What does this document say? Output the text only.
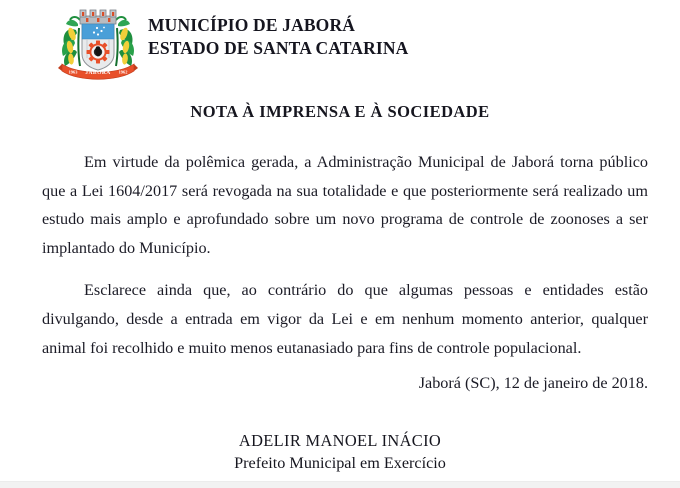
JABORÁ
1963	1962
MUNICÍPIO DE JABORÁ
ESTADO DE SANTA CATARINA
NOTA À IMPRENSA E À SOCIEDADE

Em virtude da polêmica gerada, a Administração Municipal de Jaborá torna público que a Lei 1604/2017 será revogada na sua totalidade e que posteriormente será realizado um estudo mais amplo e aprofundado sobre um novo programa de controle de zoonoses a ser implantado do Município.

Esclarece ainda que, ao contrário do que algumas pessoas e entidades estão divulgando, desde a entrada em vigor da Lei e em nenhum momento anterior, qualquer animal foi recolhido e muito menos eutanasiado para fins de controle populacional.

Jaborá (SC), 12 de janeiro de 2018.

ADELIR MANOEL INÁCIO
Prefeito Municipal em Exercício
